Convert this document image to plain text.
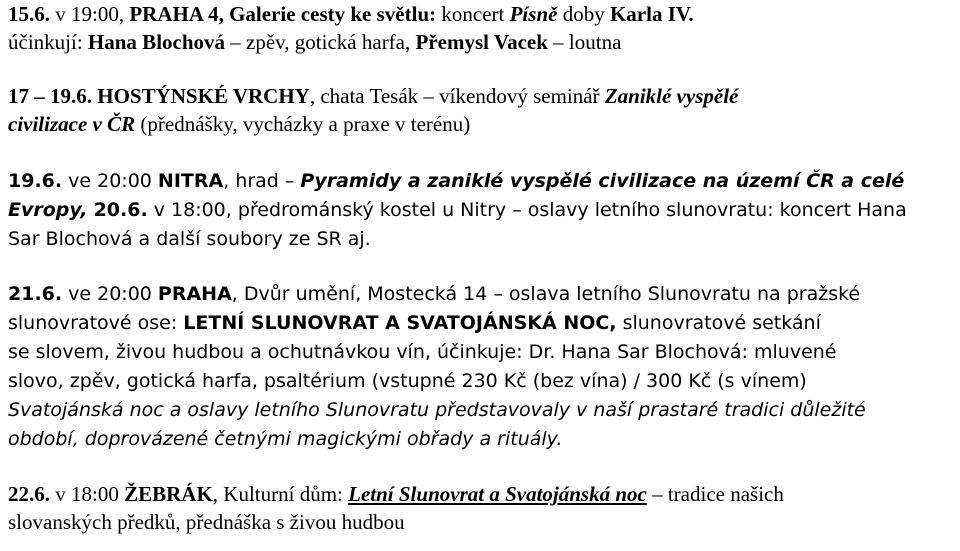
15.6. v 19:00, PRAHA 4, Galerie cesty ke světlu: koncert Písně doby Karla IV.
účinkují: Hana Blochová – zpěv, gotická harfa, Přemysl Vacek – loutna
17 – 19.6. HOSTÝNSKÉ VRCHY, chata Tesák – víkendový seminář Zaniklé vyspělé
civilizace v ČR (přednášky, vycházky a praxe v terénu)
19.6. ve 20:00 NITRA, hrad – Pyramidy a zaniklé vyspělé civilizace na území ČR a celé
Evropy, 20.6. v 18:00, předrománský kostel u Nitry – oslavy letního slunovratu: koncert Hana
Sar Blochová a další soubory ze SR aj.
21.6. ve 20:00 PRAHA, Dvůr umění, Mostecká 14 – oslava letního Slunovratu na pražské
slunovratové ose: LETNÍ SLUNOVRAT A SVATOJÁNSKÁ NOC, slunovratové setkání
se slovem, živou hudbou a ochutnávkou vín, účinkuje: Dr. Hana Sar Blochová: mluvené
slovo, zpěv, gotická harfa, psaltérium (vstupné 230 Kč (bez vína) / 300 Kč (s vínem)
Svatojánská noc a oslavy letního Slunovratu představovaly v naší prastaré tradici důležité
období, doprovázené četnými magickými obřady a rituály.
22.6. v 18:00 ŽEBRÁK, Kulturní dům: Letní Slunovrat a Svatojánská noc – tradice našich
slovanských předků, přednáška s živou hudbou
